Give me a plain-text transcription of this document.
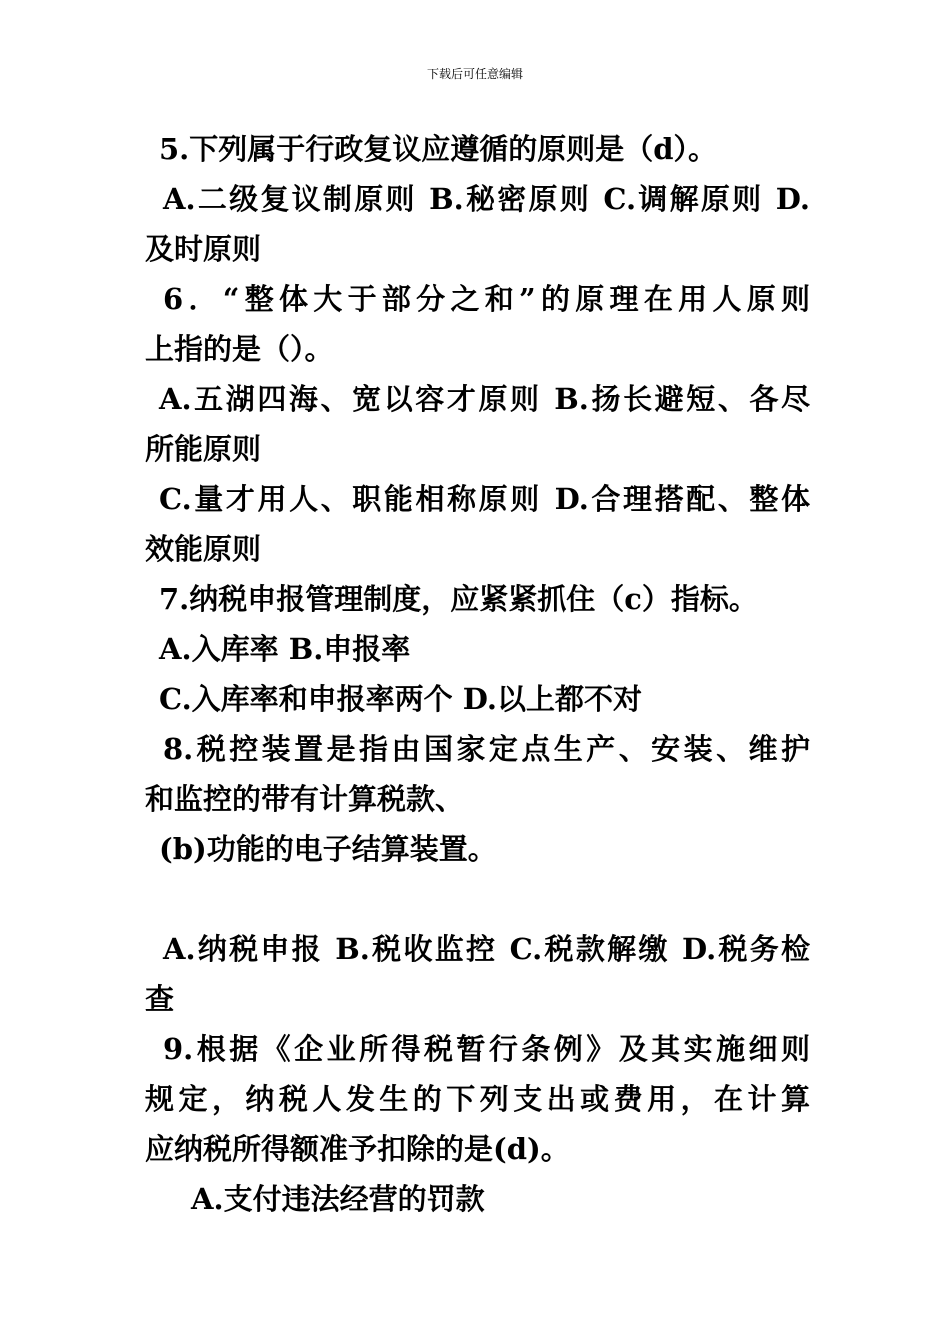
下载后可任意编辑
5.下列属于行政复议应遵循的原则是（d）。
A.二级复议制原则 B.秘密原则 C.调解原则 D.
及时原则
6．“整体大于部分之和”的原理在用人原则
上指的是（）。
A.五湖四海、宽以容才原则 B.扬长避短、各尽
所能原则
C.量才用人、职能相称原则 D.合理搭配、整体
效能原则
7.纳税申报管理制度，应紧紧抓住（c）指标。
A.入库率 B.申报率
C.入库率和申报率两个 D.以上都不对
8.税控装置是指由国家定点生产、安装、维护
和监控的带有计算税款、
(b)功能的电子结算装置。
A.纳税申报 B.税收监控 C.税款解缴 D.税务检
查
9.根据《企业所得税暂行条例》及其实施细则
规定，纳税人发生的下列支出或费用，在计算
应纳税所得额准予扣除的是(d)。
A.支付违法经营的罚款
